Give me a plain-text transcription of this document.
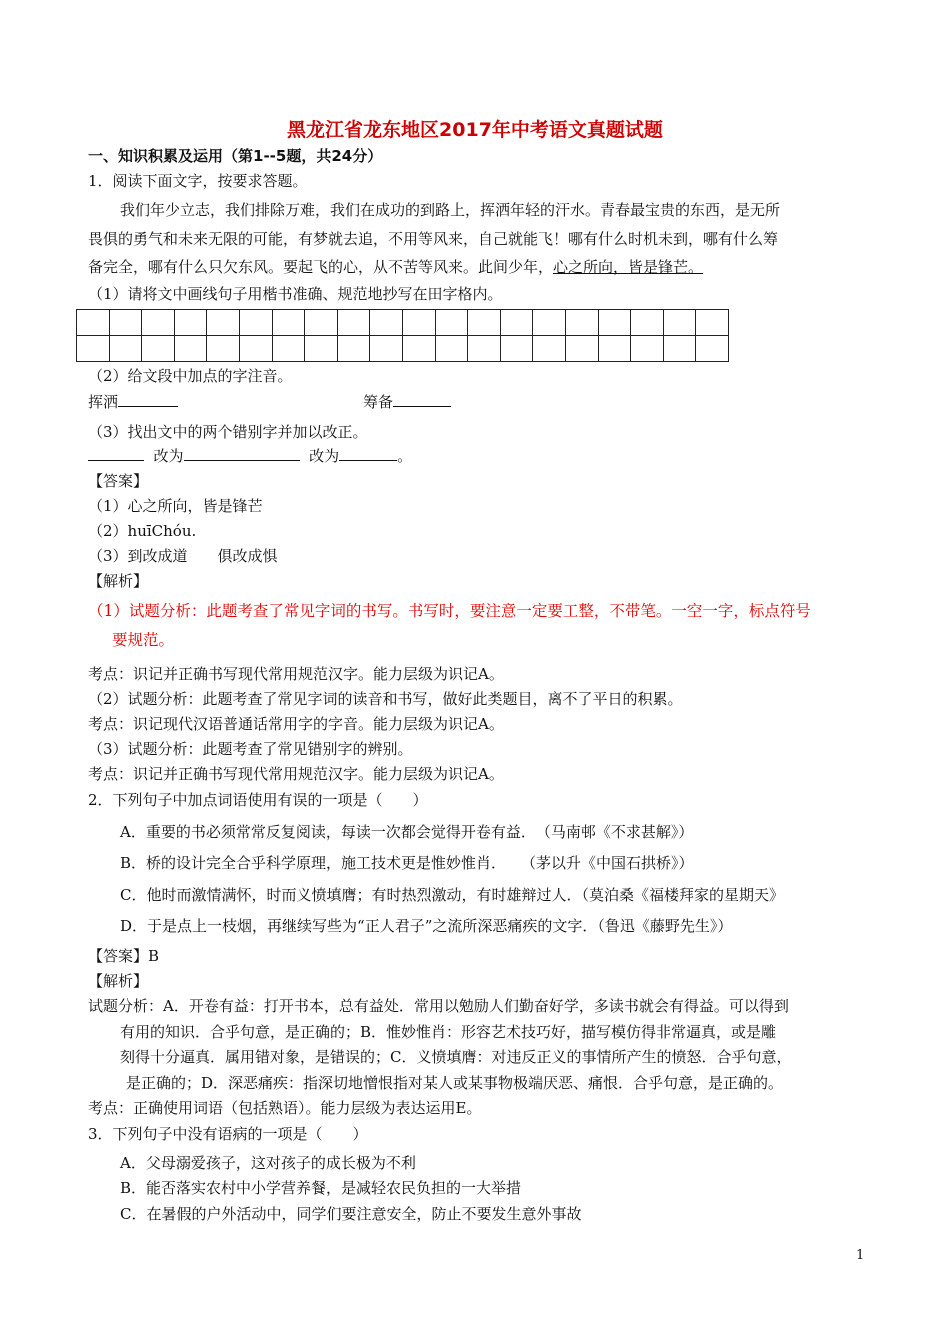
黑龙江省龙东地区2017年中考语文真题试题
一、知识积累及运用（第1--5题，共24分）
1．阅读下面文字，按要求答题。
我们年少立志，我们排除万难，我们在成功的到路上，挥洒年轻的汗水。青春最宝贵的东西，是无所
畏俱的勇气和未来无限的可能，有梦就去追，不用等风来，自己就能飞！哪有什么时机未到，哪有什么筹
备完全，哪有什么只欠东风。要起飞的心，从不苦等风来。此间少年，心之所向，皆是锋芒。
（1）请将文中画线句子用楷书准确、规范地抄写在田字格内。

（2）给文段中加点的字注音。
挥洒	筹备
（3）找出文中的两个错别字并加以改正。
改为	改为	。
【答案】
（1）心之所向，皆是锋芒
（2）huīChóu.
（3）到改成道　　俱改成惧
【解析】
（1）试题分析：此题考查了常见字词的书写。书写时，要注意一定要工整，不带笔。一空一字，标点符号
要规范。
考点：识记并正确书写现代常用规范汉字。能力层级为识记A。
（2）试题分析：此题考查了常见字词的读音和书写，做好此类题目，离不了平日的积累。
考点：识记现代汉语普通话常用字的字音。能力层级为识记A。
（3）试题分析：此题考查了常见错别字的辨别。
考点：识记并正确书写现代常用规范汉字。能力层级为识记A。
2．下列句子中加点词语使用有误的一项是（　　）
A．重要的书必须常常反复阅读，每读一次都会觉得开卷有益．　（马南邨《不求甚解》）
B．桥的设计完全合乎科学原理，施工技术更是惟妙惟肖．　　（茅以升《中国石拱桥》）
C．他时而激情满怀，时而义愤填膺；有时热烈激动，有时雄辩过人．（莫泊桑《福楼拜家的星期天》
D．于是点上一枝烟，再继续写些为“正人君子”之流所深恶痛疾的文字．（鲁迅《藤野先生》）
【答案】B
【解析】
试题分析：A．开卷有益：打开书本，总有益处．常用以勉励人们勤奋好学，多读书就会有得益。可以得到
有用的知识．合乎句意，是正确的；B．惟妙惟肖：形容艺术技巧好，描写模仿得非常逼真，或是雕
刻得十分逼真．属用错对象，是错误的；C．义愤填膺：对违反正义的事情所产生的愤怒．合乎句意，
是正确的；D．深恶痛疾：指深切地憎恨指对某人或某事物极端厌恶、痛恨．合乎句意，是正确的。
考点：正确使用词语（包括熟语）。能力层级为表达运用E。
3．下列句子中没有语病的一项是（　　）
A．父母溺爱孩子，这对孩子的成长极为不利
B．能否落实农村中小学营养餐，是减轻农民负担的一大举措
C．在暑假的户外活动中，同学们要注意安全，防止不要发生意外事故
1
